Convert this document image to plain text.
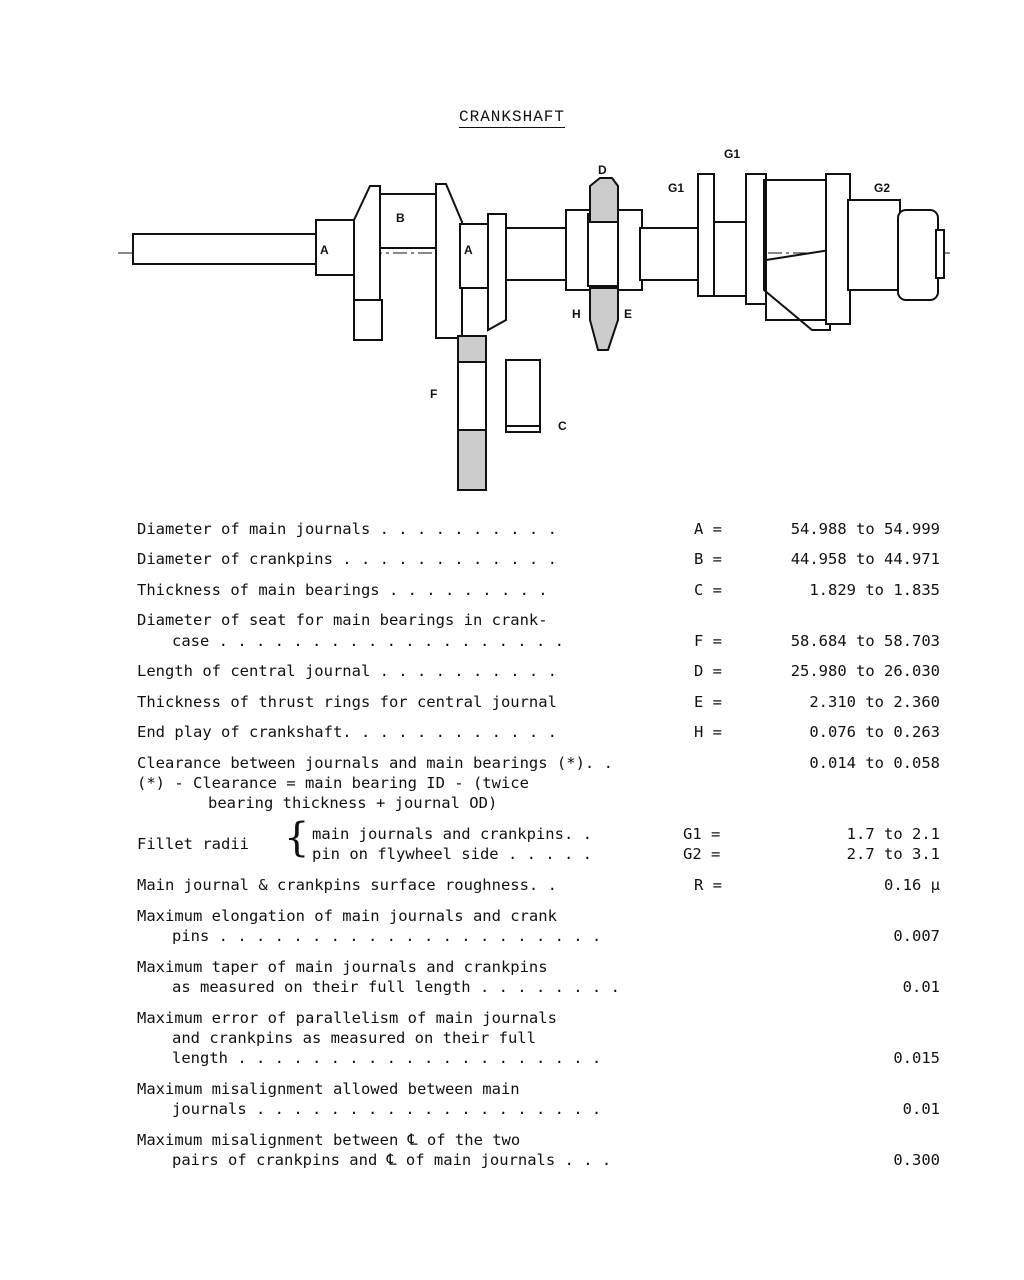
CRANKSHAFT
A
B
A
D
G1
G1
G2
H	E
F
C
Diameter of main journals . . . . . . . . . .	A =	54.988 to 54.999
Diameter of crankpins . . . . . . . . . . . .	B =	44.958 to 44.971
Thickness of main bearings . . . . . . . . .	C =	1.829 to 1.835
Diameter of seat for main bearings in crank-
case . . . . . . . . . . . . . . . . . . .	F =	58.684 to 58.703
Length of central journal . . . . . . . . . .	D =	25.980 to 26.030
Thickness of thrust rings for central journal	E =	2.310 to 2.360
End play of crankshaft. . . . . . . . . . . .	H =	0.076 to 0.263
Clearance between journals and main bearings (*). .	0.014 to 0.058
(*) - Clearance = main bearing ID - (twice
bearing thickness + journal OD)
Fillet radii { main journals and crankpins. .	G1 =	1.7 to 2.1
pin on flywheel side . . . . .	G2 =	2.7 to 3.1
Main journal & crankpins surface roughness. .	R =	0.16 µ
Maximum elongation of main journals and crank
pins . . . . . . . . . . . . . . . . . . . . .	0.007
Maximum taper of main journals and crankpins
as measured on their full length . . . . . . . .	0.01
Maximum error of parallelism of main journals
and crankpins as measured on their full
length . . . . . . . . . . . . . . . . . . . .	0.015
Maximum misalignment allowed between main
journals . . . . . . . . . . . . . . . . . . .	0.01
Maximum misalignment between ℄ of the two
pairs of crankpins and ℄ of main journals . . .	0.300
